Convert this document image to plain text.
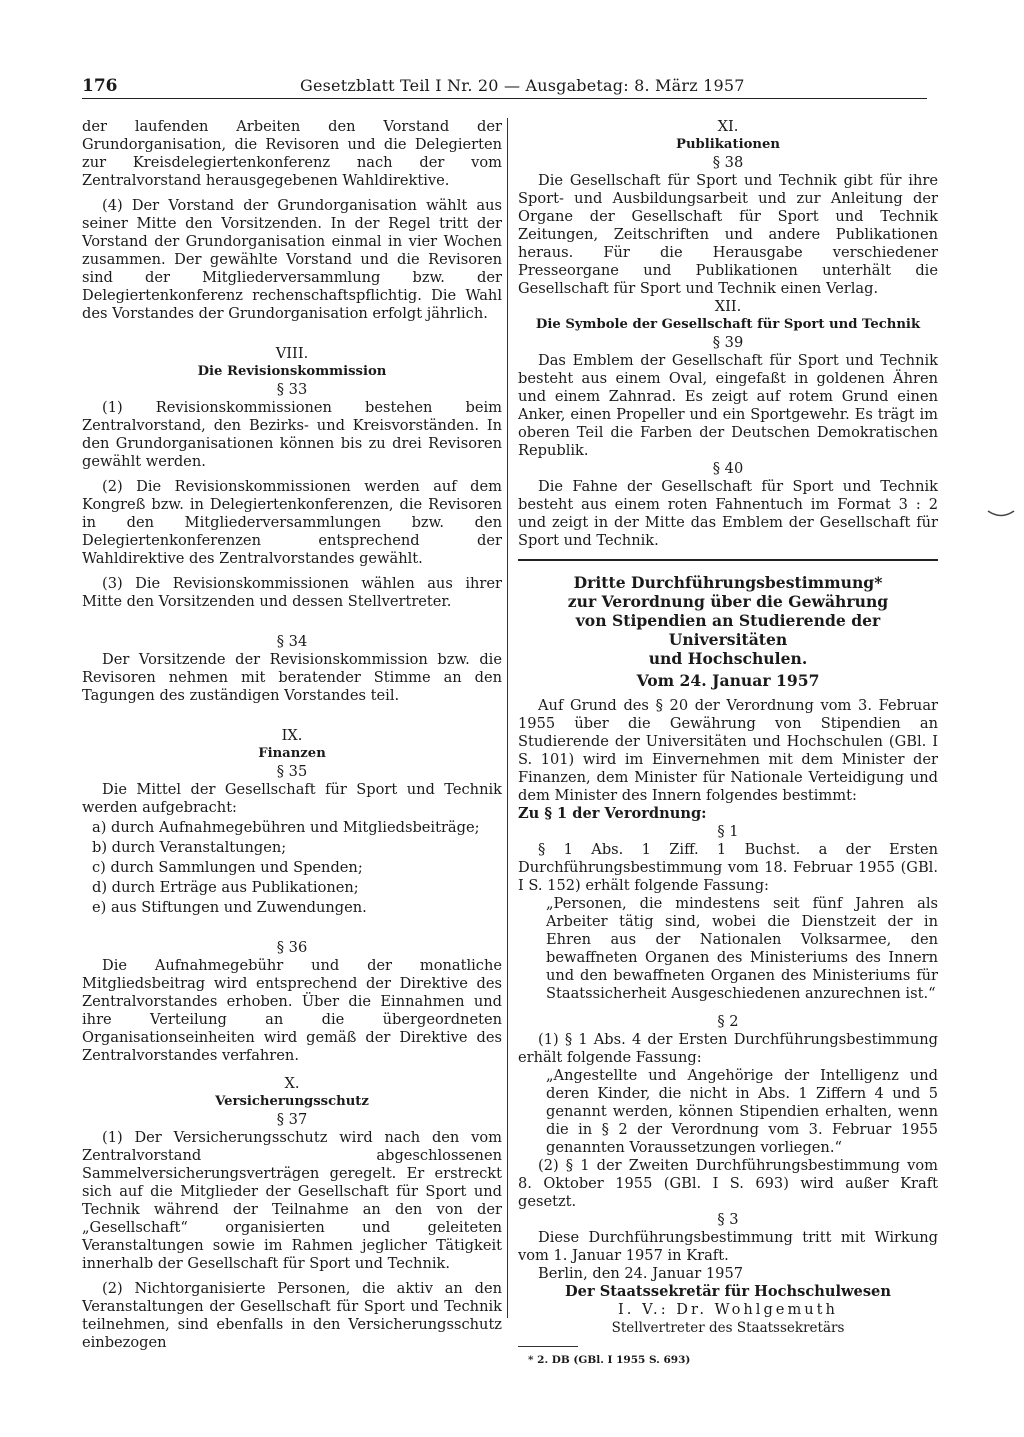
176	Gesetzblatt Teil I Nr. 20 — Ausgabetag: 8. März 1957

der laufenden Arbeiten den Vorstand der Grundorganisation, die Revisoren und die Delegierten zur Kreisdelegiertenkonferenz nach der vom Zentralvorstand herausgegebenen Wahldirektive.

(4) Der Vorstand der Grundorganisation wählt aus seiner Mitte den Vorsitzenden. In der Regel tritt der Vorstand der Grundorganisation einmal in vier Wochen zusammen. Der gewählte Vorstand und die Revisoren sind der Mitgliederversammlung bzw. der Delegiertenkonferenz rechenschaftspflichtig. Die Wahl des Vorstandes der Grundorganisation erfolgt jährlich.

VIII.
Die Revisionskommission
§ 33

(1) Revisionskommissionen bestehen beim Zentralvorstand, den Bezirks- und Kreisvorständen. In den Grundorganisationen können bis zu drei Revisoren gewählt werden.

(2) Die Revisionskommissionen werden auf dem Kongreß bzw. in Delegiertenkonferenzen, die Revisoren in den Mitgliederversammlungen bzw. den Delegiertenkonferenzen entsprechend der Wahldirektive des Zentralvorstandes gewählt.

(3) Die Revisionskommissionen wählen aus ihrer Mitte den Vorsitzenden und dessen Stellvertreter.

§ 34

Der Vorsitzende der Revisionskommission bzw. die Revisoren nehmen mit beratender Stimme an den Tagungen des zuständigen Vorstandes teil.

IX.
Finanzen
§ 35

Die Mittel der Gesellschaft für Sport und Technik werden aufgebracht:

a) durch Aufnahmegebühren und Mitgliedsbeiträge;
b) durch Veranstaltungen;
c) durch Sammlungen und Spenden;
d) durch Erträge aus Publikationen;
e) aus Stiftungen und Zuwendungen.
§ 36

Die Aufnahmegebühr und der monatliche Mitgliedsbeitrag wird entsprechend der Direktive des Zentralvorstandes erhoben. Über die Einnahmen und ihre Verteilung an die übergeordneten Organisationseinheiten wird gemäß der Direktive des Zentralvorstandes verfahren.

X.
Versicherungsschutz
§ 37

(1) Der Versicherungsschutz wird nach den vom Zentralvorstand abgeschlossenen Sammelversicherungsverträgen geregelt. Er erstreckt sich auf die Mitglieder der Gesellschaft für Sport und Technik während der Teilnahme an den von der „Gesellschaft“ organisierten und geleiteten Veranstaltungen sowie im Rahmen jeglicher Tätigkeit innerhalb der Gesellschaft für Sport und Technik.

(2) Nichtorganisierte Personen, die aktiv an den Veranstaltungen der Gesellschaft für Sport und Technik teilnehmen, sind ebenfalls in den Versicherungsschutz einbezogen

XI.
Publikationen
§ 38

Die Gesellschaft für Sport und Technik gibt für ihre Sport- und Ausbildungsarbeit und zur Anleitung der Organe der Gesellschaft für Sport und Technik Zeitungen, Zeitschriften und andere Publikationen heraus. Für die Herausgabe verschiedener Presseorgane und Publikationen unterhält die Gesellschaft für Sport und Technik einen Verlag.

XII.
Die Symbole der Gesellschaft für Sport und Technik
§ 39

Das Emblem der Gesellschaft für Sport und Technik besteht aus einem Oval, eingefaßt in goldenen Ähren und einem Zahnrad. Es zeigt auf rotem Grund einen Anker, einen Propeller und ein Sportgewehr. Es trägt im oberen Teil die Farben der Deutschen Demokratischen Republik.

§ 40

Die Fahne der Gesellschaft für Sport und Technik besteht aus einem roten Fahnentuch im Format 3 : 2 und zeigt in der Mitte das Emblem der Gesellschaft für Sport und Technik.

Dritte Durchführungsbestimmung*
zur Verordnung über die Gewährung
von Stipendien an Studierende der Universitäten
und Hochschulen.
Vom 24. Januar 1957

Auf Grund des § 20 der Verordnung vom 3. Februar 1955 über die Gewährung von Stipendien an Studierende der Universitäten und Hochschulen (GBl. I S. 101) wird im Einvernehmen mit dem Minister der Finanzen, dem Minister für Nationale Verteidigung und dem Minister des Innern folgendes bestimmt:

Zu § 1 der Verordnung:
§ 1

§ 1 Abs. 1 Ziff. 1 Buchst. a der Ersten Durchführungsbestimmung vom 18. Februar 1955 (GBl. I S. 152) erhält folgende Fassung:

„Personen, die mindestens seit fünf Jahren als Arbeiter tätig sind, wobei die Dienstzeit der in Ehren aus der Nationalen Volksarmee, den bewaffneten Organen des Ministeriums des Innern und den bewaffneten Organen des Ministeriums für Staatssicherheit Ausgeschiedenen anzurechnen ist.“

§ 2

(1) § 1 Abs. 4 der Ersten Durchführungsbestimmung erhält folgende Fassung:

„Angestellte und Angehörige der Intelligenz und deren Kinder, die nicht in Abs. 1 Ziffern 4 und 5 genannt werden, können Stipendien erhalten, wenn die in § 2 der Verordnung vom 3. Februar 1955 genannten Voraussetzungen vorliegen.“

(2) § 1 der Zweiten Durchführungsbestimmung vom 8. Oktober 1955 (GBl. I S. 693) wird außer Kraft gesetzt.

§ 3

Diese Durchführungsbestimmung tritt mit Wirkung vom 1. Januar 1957 in Kraft.

Berlin, den 24. Januar 1957

Der Staatssekretär für Hochschulwesen
I. V.: Dr. Wohlgemuth
Stellvertreter des Staatssekretärs
* 2. DB (GBl. I 1955 S. 693)
